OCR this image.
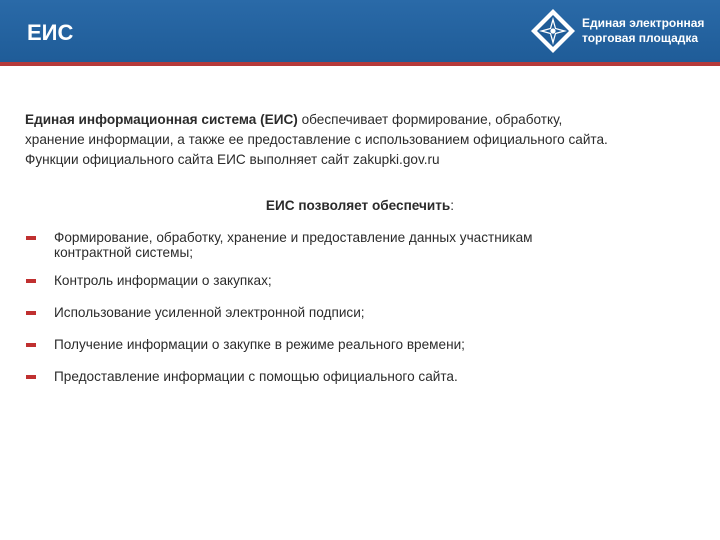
ЕИС	Единая электронная
торговая площадка
Единая информационная система (ЕИС) обеспечивает формирование, обработку,
хранение информации, а также ее предоставление с использованием официального сайта.
Функции официального сайта ЕИС выполняет сайт zakupki.gov.ru
ЕИС позволяет обеспечить:
Формирование, обработку, хранение и предоставление данных участникам
контрактной системы;
Контроль информации о закупках;
Использование усиленной электронной подписи;
Получение информации о закупке в режиме реального времени;
Предоставление информации с помощью официального сайта.
